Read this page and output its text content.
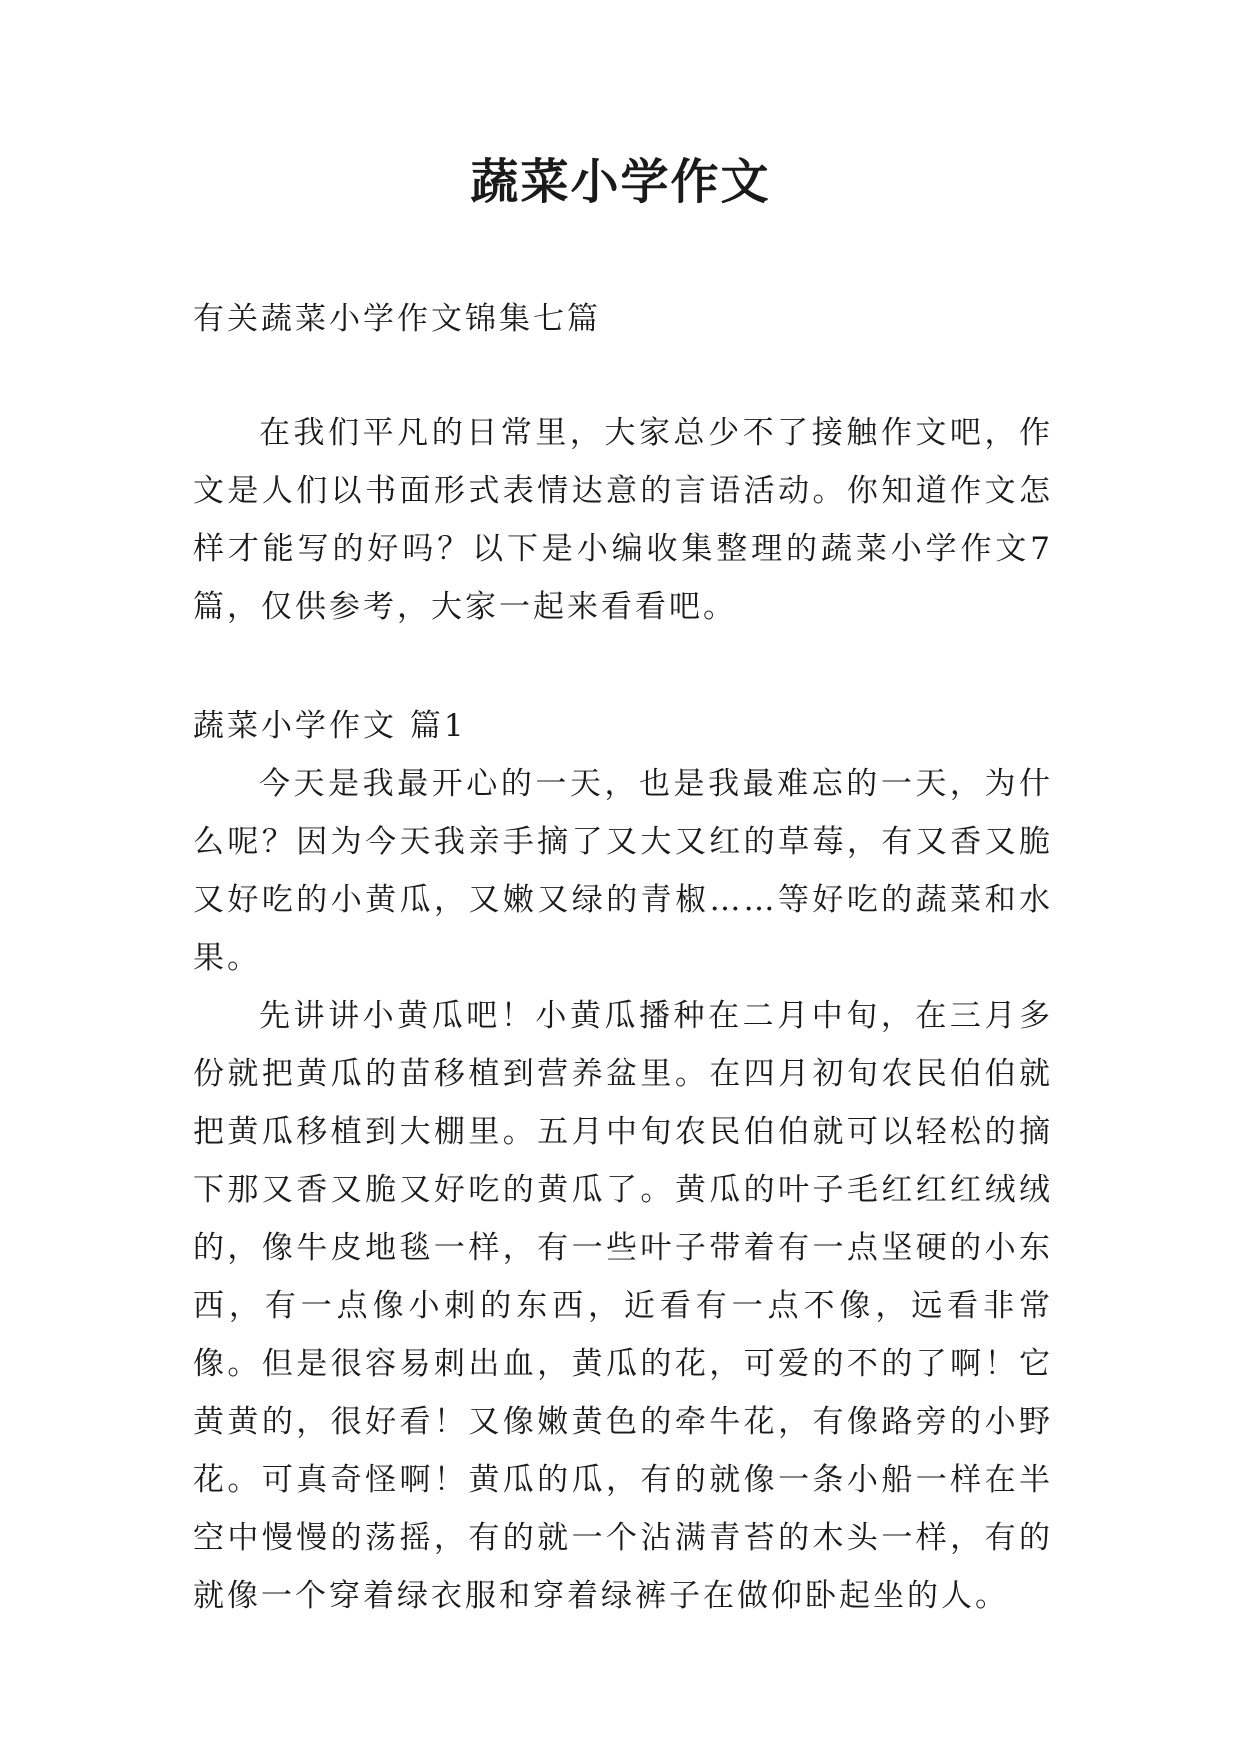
蔬菜小学作文

有关蔬菜小学作文锦集七篇

在我们平凡的日常里，大家总少不了接触作文吧，作文是人们以书面形式表情达意的言语活动。你知道作文怎样才能写的好吗？以下是小编收集整理的蔬菜小学作文7篇，仅供参考，大家一起来看看吧。

蔬菜小学作文 篇1

今天是我最开心的一天，也是我最难忘的一天，为什么呢？因为今天我亲手摘了又大又红的草莓，有又香又脆又好吃的小黄瓜，又嫩又绿的青椒……等好吃的蔬菜和水果。

先讲讲小黄瓜吧！小黄瓜播种在二月中旬，在三月多份就把黄瓜的苗移植到营养盆里。在四月初旬农民伯伯就把黄瓜移植到大棚里。五月中旬农民伯伯就可以轻松的摘下那又香又脆又好吃的黄瓜了。黄瓜的叶子毛红红红绒绒的，像牛皮地毯一样，有一些叶子带着有一点坚硬的小东西，有一点像小刺的东西，近看有一点不像，远看非常像。但是很容易刺出血，黄瓜的花，可爱的不的了啊！它黄黄的，很好看！又像嫩黄色的牵牛花，有像路旁的小野花。可真奇怪啊！黄瓜的瓜，有的就像一条小船一样在半空中慢慢的荡摇，有的就一个沾满青苔的木头一样，有的就像一个穿着绿衣服和穿着绿裤子在做仰卧起坐的人。
